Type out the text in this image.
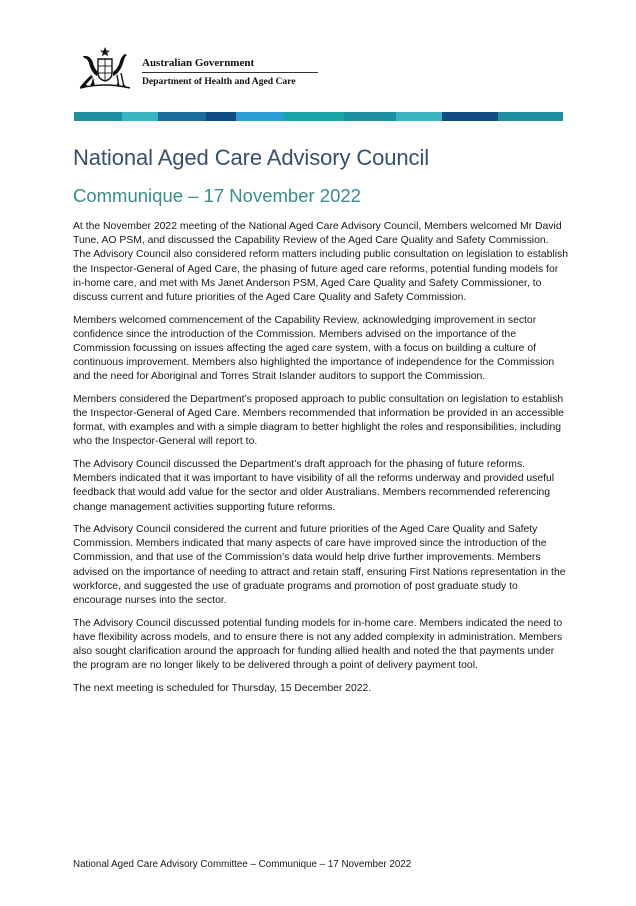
Australian Government
Department of Health and Aged Care
National Aged Care Advisory Council
Communique – 17 November 2022

At the November 2022 meeting of the National Aged Care Advisory Council, Members welcomed Mr David Tune, AO PSM, and discussed the Capability Review of the Aged Care Quality and Safety Commission. The Advisory Council also considered reform matters including public consultation on legislation to establish the Inspector-General of Aged Care, the phasing of future aged care reforms, potential funding models for in-home care, and met with Ms Janet Anderson PSM, Aged Care Quality and Safety Commissioner, to discuss current and future priorities of the Aged Care Quality and Safety Commission.

Members welcomed commencement of the Capability Review, acknowledging improvement in sector confidence since the introduction of the Commission. Members advised on the importance of the Commission focussing on issues affecting the aged care system, with a focus on building a culture of continuous improvement. Members also highlighted the importance of independence for the Commission and the need for Aboriginal and Torres Strait Islander auditors to support the Commission.

Members considered the Department’s proposed approach to public consultation on legislation to establish the Inspector-General of Aged Care. Members recommended that information be provided in an accessible format, with examples and with a simple diagram to better highlight the roles and responsibilities, including who the Inspector-General will report to.

The Advisory Council discussed the Department’s draft approach for the phasing of future reforms. Members indicated that it was important to have visibility of all the reforms underway and provided useful feedback that would add value for the sector and older Australians. Members recommended referencing change management activities supporting future reforms.

The Advisory Council considered the current and future priorities of the Aged Care Quality and Safety Commission. Members indicated that many aspects of care have improved since the introduction of the Commission, and that use of the Commission’s data would help drive further improvements. Members advised on the importance of needing to attract and retain staff, ensuring First Nations representation in the workforce, and suggested the use of graduate programs and promotion of post graduate study to encourage nurses into the sector.

The Advisory Council discussed potential funding models for in-home care. Members indicated the need to have flexibility across models, and to ensure there is not any added complexity in administration. Members also sought clarification around the approach for funding allied health and noted the that payments under the program are no longer likely to be delivered through a point of delivery payment tool.

The next meeting is scheduled for Thursday, 15 December 2022.

National Aged Care Advisory Committee – Communique – 17 November 2022
